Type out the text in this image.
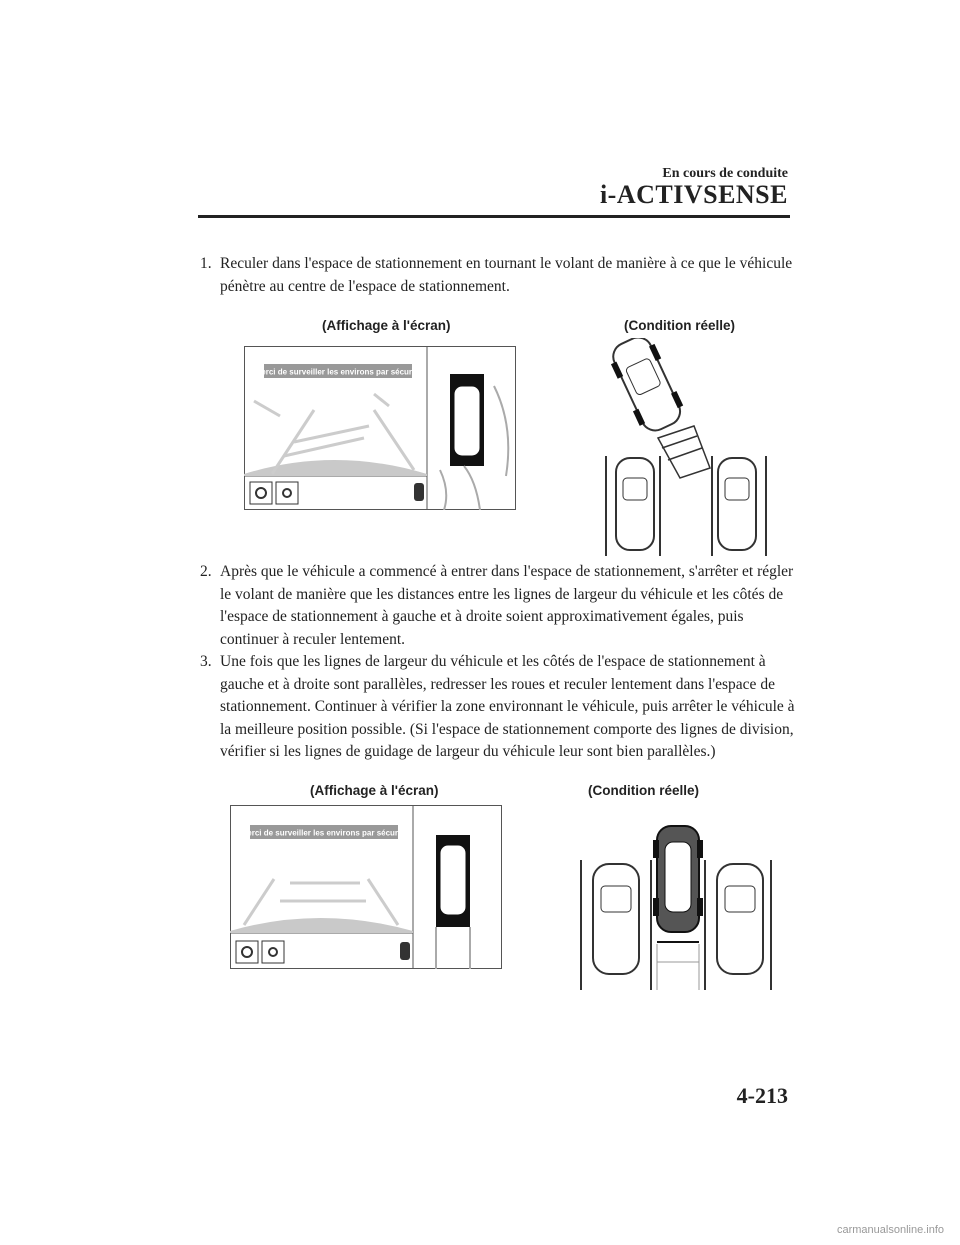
En cours de conduite
i-ACTIVSENSE
1. Reculer dans l'espace de stationnement en tournant le volant de manière à ce que le véhicule pénètre au centre de l'espace de stationnement.
(Affichage à l'écran)	(Condition réelle)
Merci de surveiller les environs par sécurité
2. Après que le véhicule a commencé à entrer dans l'espace de stationnement, s'arrêter et régler le volant de manière que les distances entre les lignes de largeur du véhicule et les côtés de l'espace de stationnement à gauche et à droite soient approximativement égales, puis continuer à reculer lentement.
3. Une fois que les lignes de largeur du véhicule et les côtés de l'espace de stationnement à gauche et à droite sont parallèles, redresser les roues et reculer lentement dans l'espace de stationnement. Continuer à vérifier la zone environnant le véhicule, puis arrêter le véhicule à la meilleure position possible. (Si l'espace de stationnement comporte des lignes de division, vérifier si les lignes de guidage de largeur du véhicule leur sont bien parallèles.)
(Affichage à l'écran)	(Condition réelle)
Merci de surveiller les environs par sécurité
4-213
carmanualsonline.info
